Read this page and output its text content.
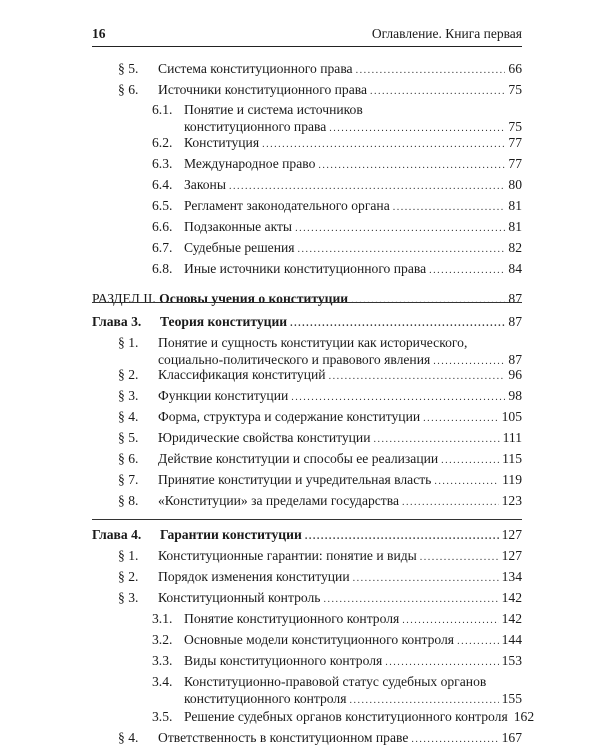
16	Оглавление. Книга первая
§ 5.	Система конституционного права .....	66
§ 6.	Источники конституционного права .....	75
6.1. Понятие и система источников
конституционного права .....	75
6.2. Конституция .....	77
6.3. Международное право .....	77
6.4. Законы .....	80
6.5. Регламент законодательного органа .....	81
6.6. Подзаконные акты .....	81
6.7. Судебные решения .....	82
6.8. Иные источники конституционного права .....	84
РАЗДЕЛ II. Основы учения о конституции .....	87
Глава 3.	Теория конституции .....	87
§ 1.	Понятие и сущность конституции как исторического,
социально-политического и правового явления .....	87
§ 2.	Классификация конституций .....	96
§ 3.	Функции конституции .....	98
§ 4.	Форма, структура и содержание конституции .....	105
§ 5.	Юридические свойства конституции .....	111
§ 6.	Действие конституции и способы ее реализации .....	115
§ 7.	Принятие конституции и учредительная власть .....	119
§ 8.	«Конституции» за пределами государства .....	123
Глава 4.	Гарантии конституции .....	127
§ 1.	Конституционные гарантии: понятие и виды .....	127
§ 2.	Порядок изменения конституции .....	134
§ 3.	Конституционный контроль .....	142
3.1. Понятие конституционного контроля .....	142
3.2. Основные модели конституционного контроля .....	144
3.3. Виды конституционного контроля .....	153
3.4. Конституционно-правовой статус судебных органов
конституционного контроля .....	155
3.5. Решение судебных органов конституционного контроля 162
§ 4.	Ответственность в конституционном праве .....	167
